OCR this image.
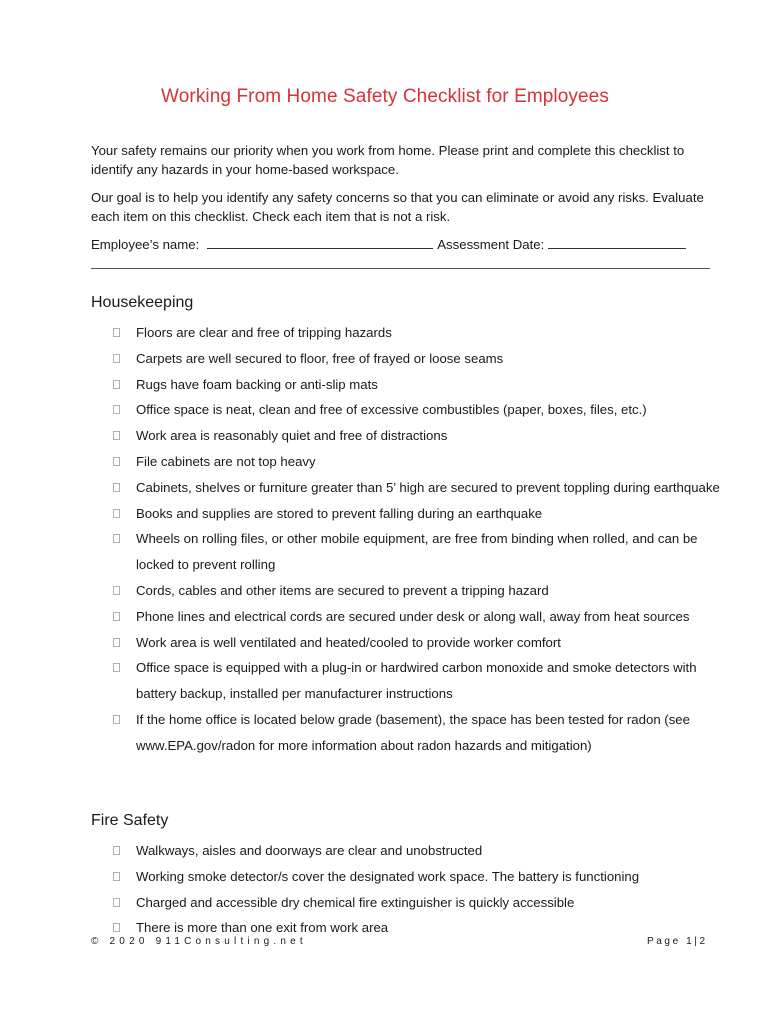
Working From Home Safety Checklist for Employees
Your safety remains our priority when you work from home. Please print and complete this checklist to identify any hazards in your home-based workspace.
Our goal is to help you identify any safety concerns so that you can eliminate or avoid any risks. Evaluate each item on this checklist. Check each item that is not a risk.
Employee’s name:	Assessment Date:
Housekeeping
Floors are clear and free of tripping hazards
Carpets are well secured to floor, free of frayed or loose seams
Rugs have foam backing or anti-slip mats
Office space is neat, clean and free of excessive combustibles (paper, boxes, files, etc.)
Work area is reasonably quiet and free of distractions
File cabinets are not top heavy
Cabinets, shelves or furniture greater than 5’ high are secured to prevent toppling during earthquake
Books and supplies are stored to prevent falling during an earthquake
Wheels on rolling files, or other mobile equipment, are free from binding when rolled, and can be locked to prevent rolling
Cords, cables and other items are secured to prevent a tripping hazard
Phone lines and electrical cords are secured under desk or along wall, away from heat sources
Work area is well ventilated and heated/cooled to provide worker comfort
Office space is equipped with a plug-in or hardwired carbon monoxide and smoke detectors with battery backup, installed per manufacturer instructions
If the home office is located below grade (basement), the space has been tested for radon (see www.EPA.gov/radon for more information about radon hazards and mitigation)
Fire Safety
Walkways, aisles and doorways are clear and unobstructed
Working smoke detector/s cover the designated work space. The battery is functioning
Charged and accessible dry chemical fire extinguisher is quickly accessible
There is more than one exit from work area
© 2020 911Consulting.net	Page 1|2
